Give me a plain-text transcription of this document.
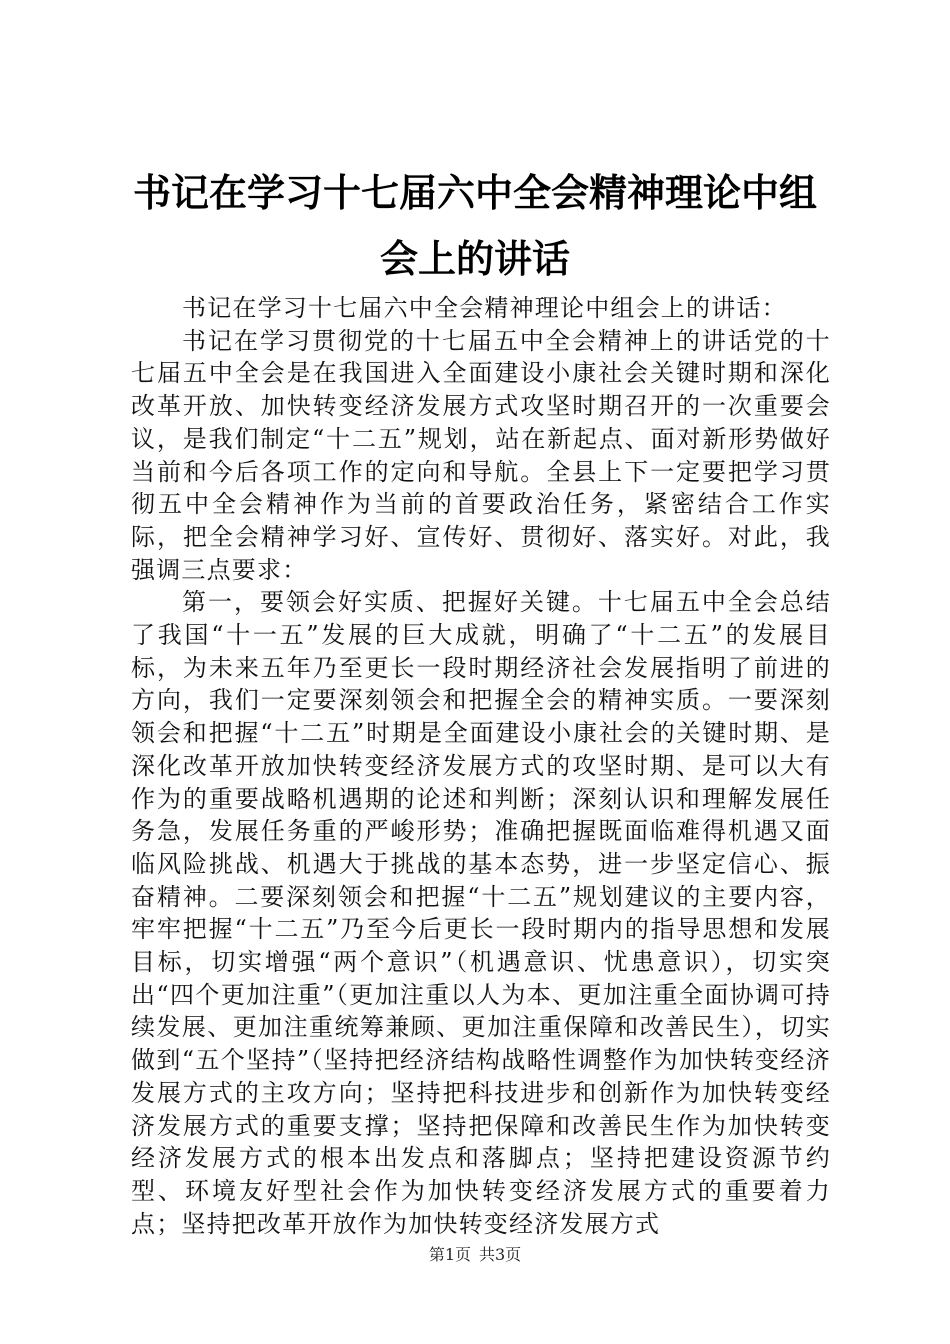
书记在学习十七届六中全会精神理论中组会上的讲话

书记在学习十七届六中全会精神理论中组会上的讲话：

书记在学习贯彻党的十七届五中全会精神上的讲话党的十七届五中全会是在我国进入全面建设小康社会关键时期和深化改革开放、加快转变经济发展方式攻坚时期召开的一次重要会议，是我们制定“十二五”规划，站在新起点、面对新形势做好当前和今后各项工作的定向和导航。全县上下一定要把学习贯彻五中全会精神作为当前的首要政治任务，紧密结合工作实际，把全会精神学习好、宣传好、贯彻好、落实好。对此，我强调三点要求：

第一，要领会好实质、把握好关键。十七届五中全会总结了我国“十一五”发展的巨大成就，明确了“十二五”的发展目标，为未来五年乃至更长一段时期经济社会发展指明了前进的方向，我们一定要深刻领会和把握全会的精神实质。一要深刻领会和把握“十二五”时期是全面建设小康社会的关键时期、是深化改革开放加快转变经济发展方式的攻坚时期、是可以大有作为的重要战略机遇期的论述和判断；深刻认识和理解发展任务急，发展任务重的严峻形势；准确把握既面临难得机遇又面临风险挑战、机遇大于挑战的基本态势，进一步坚定信心、振奋精神。二要深刻领会和把握“十二五”规划建议的主要内容，牢牢把握“十二五”乃至今后更长一段时期内的指导思想和发展目标，切实增强“两个意识”（机遇意识、忧患意识），切实突出“四个更加注重”（更加注重以人为本、更加注重全面协调可持续发展、更加注重统筹兼顾、更加注重保障和改善民生），切实做到“五个坚持”（坚持把经济结构战略性调整作为加快转变经济发展方式的主攻方向；坚持把科技进步和创新作为加快转变经济发展方式的重要支撑；坚持把保障和改善民生作为加快转变经济发展方式的根本出发点和落脚点；坚持把建设资源节约型、环境友好型社会作为加快转变经济发展方式的重要着力点；坚持把改革开放作为加快转变经济发展方式

第1页 共3页
